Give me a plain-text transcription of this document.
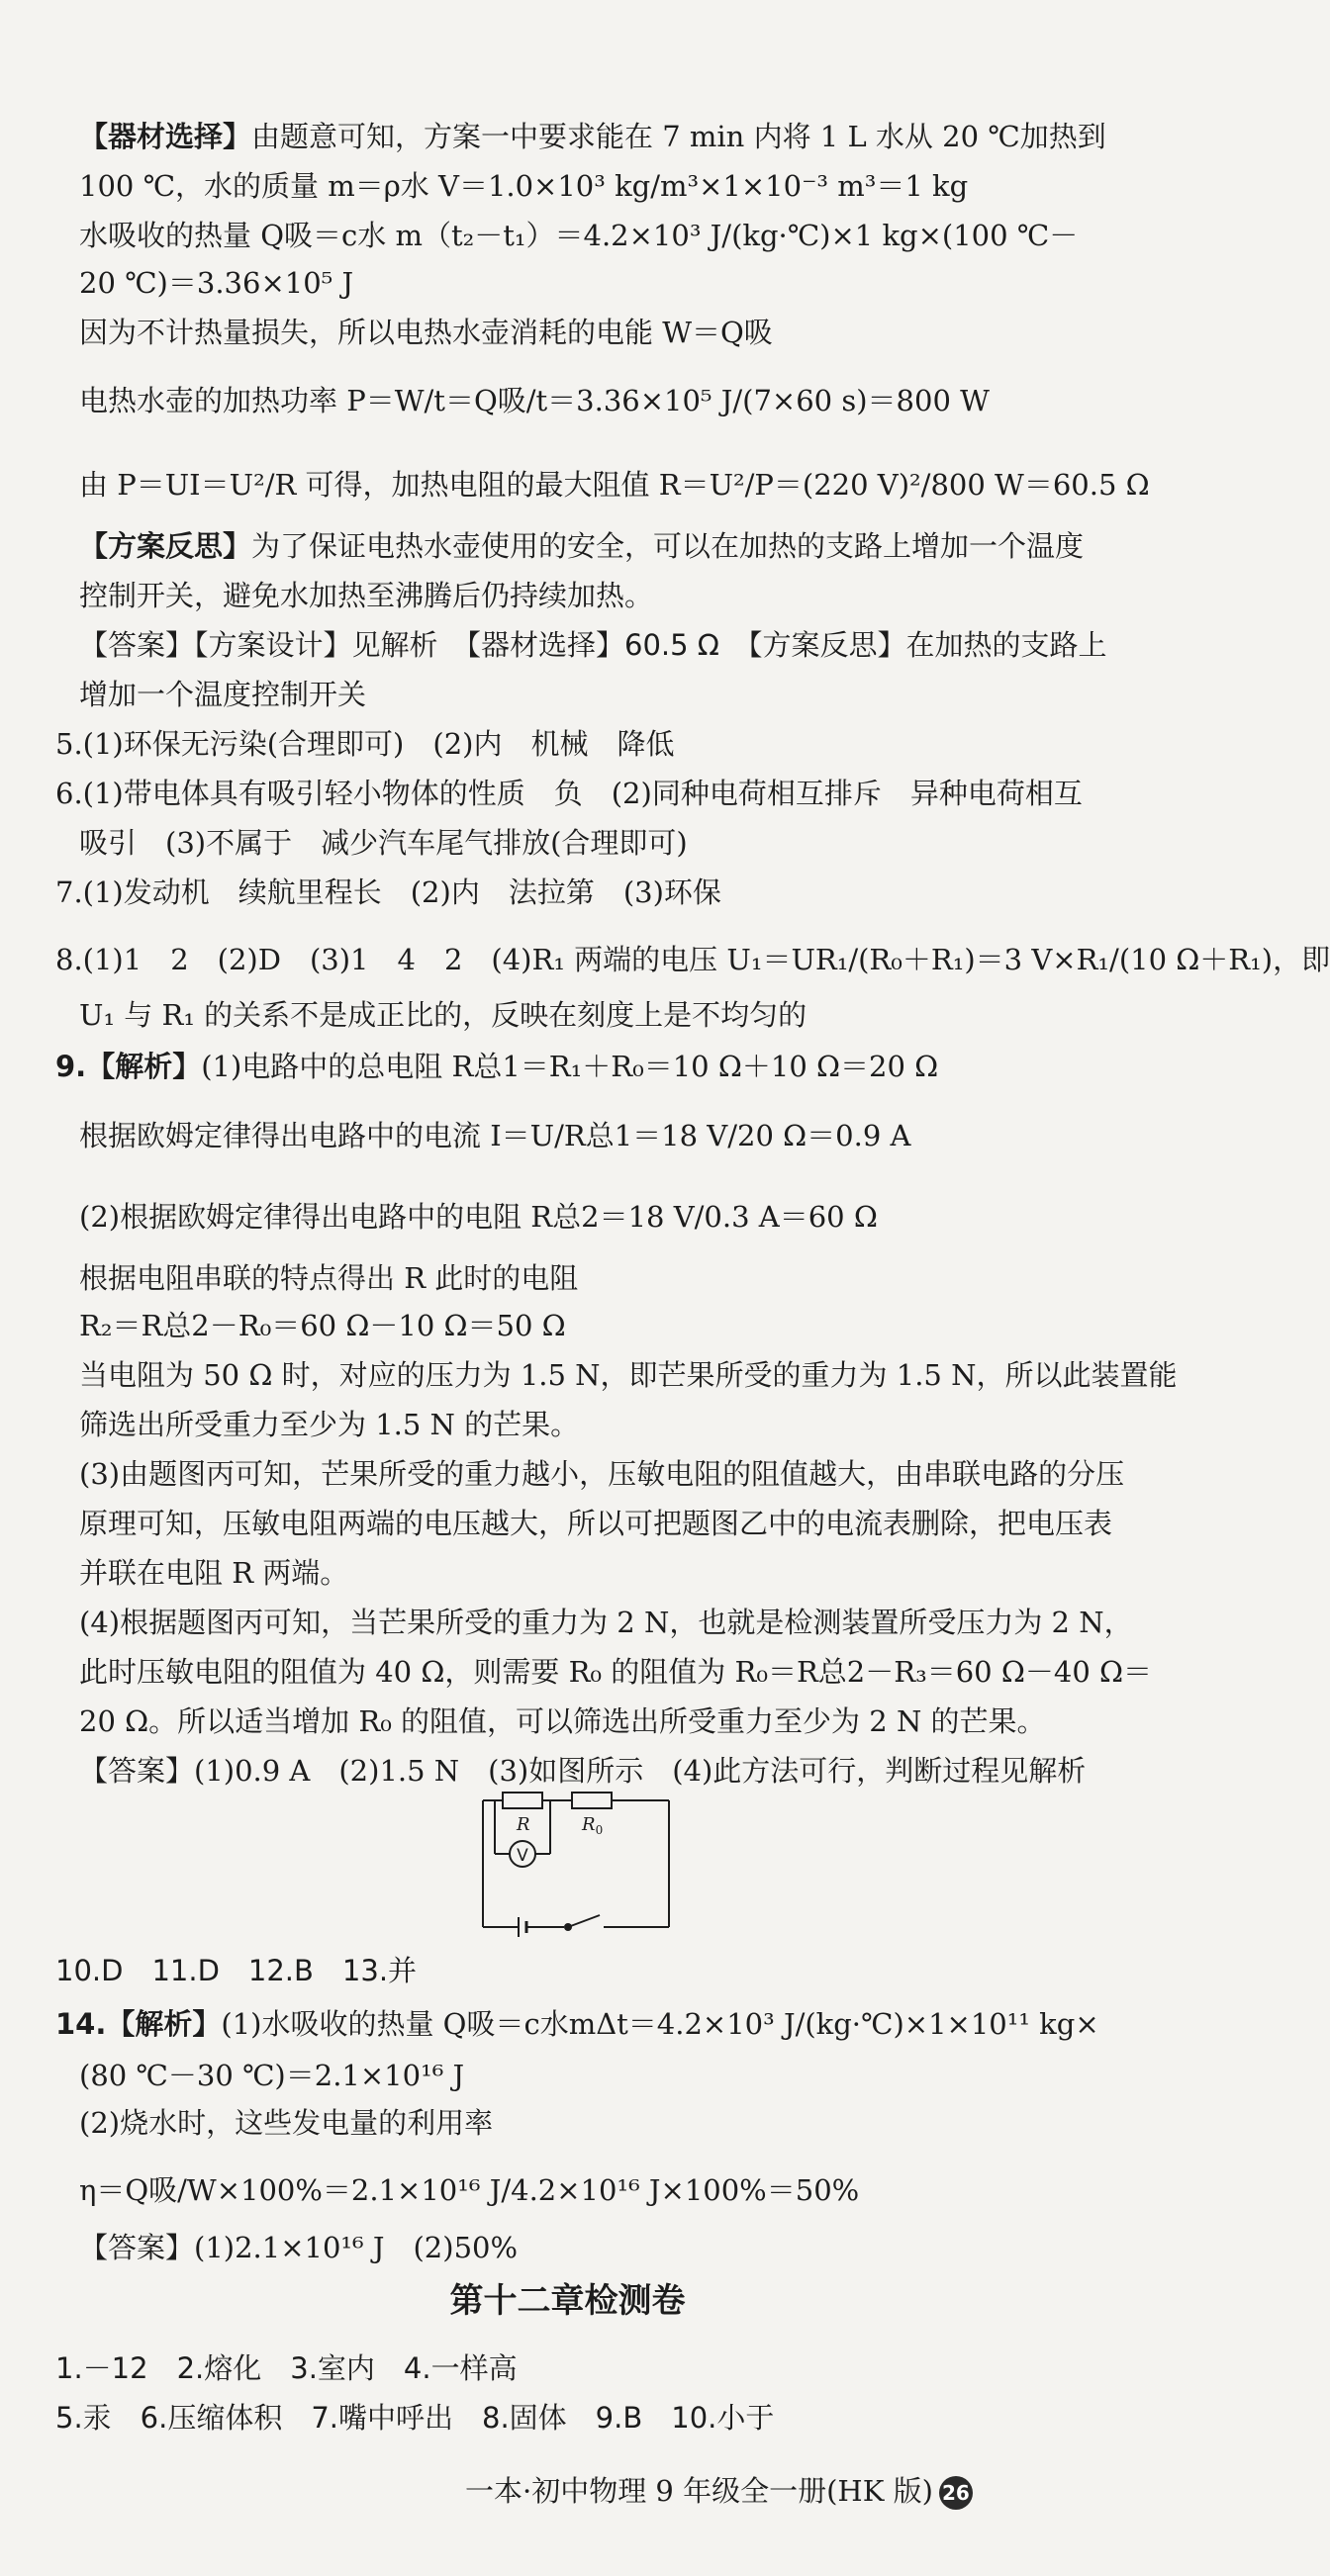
【器材选择】由题意可知，方案一中要求能在 7 min 内将 1 L 水从 20 ℃加热到
100 ℃，水的质量 m＝ρ水 V＝1.0×10³ kg/m³×1×10⁻³ m³＝1 kg
水吸收的热量 Q吸＝c水 m（t₂－t₁）＝4.2×10³ J/(kg·℃)×1 kg×(100 ℃－
20 ℃)＝3.36×10⁵ J
因为不计热量损失，所以电热水壶消耗的电能 W＝Q吸
电热水壶的加热功率 P＝W/t＝Q吸/t＝3.36×10⁵ J/(7×60 s)＝800 W
由 P＝UI＝U²/R 可得，加热电阻的最大阻值 R＝U²/P＝(220 V)²/800 W＝60.5 Ω
【方案反思】为了保证电热水壶使用的安全，可以在加热的支路上增加一个温度
控制开关，避免水加热至沸腾后仍持续加热。
【答案】【方案设计】见解析　【器材选择】60.5 Ω　【方案反思】在加热的支路上
增加一个温度控制开关
5.(1)环保无污染(合理即可)　(2)内　机械　降低
6.(1)带电体具有吸引轻小物体的性质　负　(2)同种电荷相互排斥　异种电荷相互
吸引　(3)不属于　减少汽车尾气排放(合理即可)
7.(1)发动机　续航里程长　(2)内　法拉第　(3)环保
8.(1)1　2　(2)D　(3)1　4　2　(4)R₁ 两端的电压 U₁＝UR₁/(R₀＋R₁)＝3 V×R₁/(10 Ω＋R₁)，即
U₁ 与 R₁ 的关系不是成正比的，反映在刻度上是不均匀的
9.【解析】(1)电路中的总电阻 R总1＝R₁＋R₀＝10 Ω＋10 Ω＝20 Ω
根据欧姆定律得出电路中的电流 I＝U/R总1＝18 V/20 Ω＝0.9 A
(2)根据欧姆定律得出电路中的电阻 R总2＝18 V/0.3 A＝60 Ω
根据电阻串联的特点得出 R 此时的电阻
R₂＝R总2－R₀＝60 Ω－10 Ω＝50 Ω
当电阻为 50 Ω 时，对应的压力为 1.5 N，即芒果所受的重力为 1.5 N，所以此装置能
筛选出所受重力至少为 1.5 N 的芒果。
(3)由题图丙可知，芒果所受的重力越小，压敏电阻的阻值越大，由串联电路的分压
原理可知，压敏电阻两端的电压越大，所以可把题图乙中的电流表删除，把电压表
并联在电阻 R 两端。
(4)根据题图丙可知，当芒果所受的重力为 2 N，也就是检测装置所受压力为 2 N，
此时压敏电阻的阻值为 40 Ω，则需要 R₀ 的阻值为 R₀＝R总2－R₃＝60 Ω－40 Ω＝
20 Ω。所以适当增加 R₀ 的阻值，可以筛选出所受重力至少为 2 N 的芒果。
【答案】(1)0.9 A　(2)1.5 N　(3)如图所示　(4)此方法可行，判断过程见解析
V
R	$R_0$
10.D　11.D　12.B　13.并
14.【解析】(1)水吸收的热量 Q吸＝c水mΔt＝4.2×10³ J/(kg·℃)×1×10¹¹ kg×
(80 ℃－30 ℃)＝2.1×10¹⁶ J
(2)烧水时，这些发电量的利用率
η＝Q吸/W×100%＝2.1×10¹⁶ J/4.2×10¹⁶ J×100%＝50%
【答案】(1)2.1×10¹⁶ J　(2)50%
第十二章检测卷
1.－12　2.熔化　3.室内　4.一样高
5.汞　6.压缩体积　7.嘴中呼出　8.固体　9.B　10.小于
一本·初中物理 9 年级全一册(HK 版) 26
